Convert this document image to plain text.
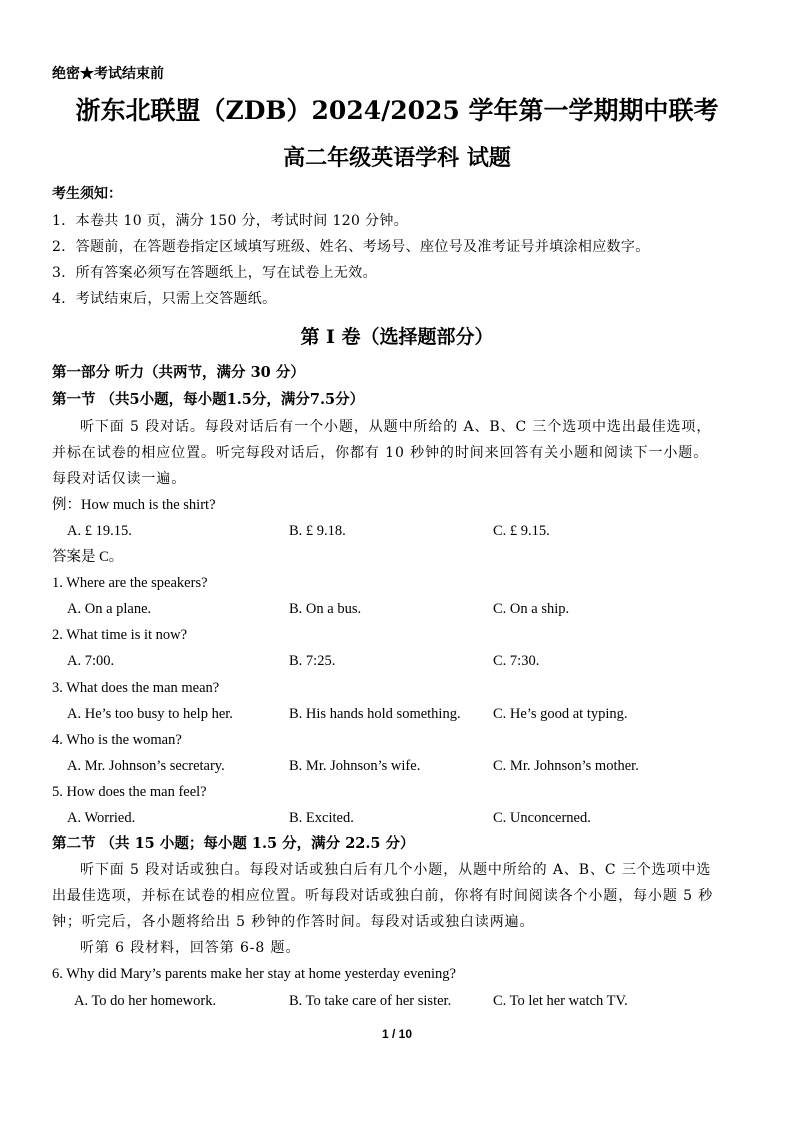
绝密★考试结束前
浙东北联盟（ZDB）2024/2025 学年第一学期期中联考
高二年级英语学科 试题
考生须知：
1．本卷共 10 页，满分 150 分，考试时间 120 分钟。
2．答题前，在答题卷指定区域填写班级、姓名、考场号、座位号及准考证号并填涂相应数字。
3．所有答案必须写在答题纸上，写在试卷上无效。
4．考试结束后，只需上交答题纸。
第 I 卷（选择题部分）
第一部分 听力（共两节，满分 30 分）
第一节 （共5小题，每小题1.5分，满分7.5分）
听下面 5 段对话。每段对话后有一个小题，从题中所给的 A、B、C 三个选项中选出最佳选项，
并标在试卷的相应位置。听完每段对话后，你都有 10 秒钟的时间来回答有关小题和阅读下一小题。
每段对话仅读一遍。
例：How much is the shirt?
A. £ 19.15.	B. £ 9.18.	C. £ 9.15.
答案是 C。
1. Where are the speakers?
A. On a plane.	B. On a bus.	C. On a ship.
2. What time is it now?
A. 7:00.	B. 7:25.	C. 7:30.
3. What does the man mean?
A. He’s too busy to help her.	B. His hands hold something. C. He’s good at typing.
4. Who is the woman?
A. Mr. Johnson’s secretary.	B. Mr. Johnson’s wife.	C. Mr. Johnson’s mother.
5. How does the man feel?
A. Worried.	B. Excited.	C. Unconcerned.
第二节 （共 15 小题；每小题 1.5 分，满分 22.5 分）
听下面 5 段对话或独白。每段对话或独白后有几个小题，从题中所给的 A、B、C 三个选项中选
出最佳选项，并标在试卷的相应位置。听每段对话或独白前，你将有时间阅读各个小题，每小题 5 秒
钟；听完后，各小题将给出 5 秒钟的作答时间。每段对话或独白读两遍。
听第 6 段材料，回答第 6-8 题。
6. Why did Mary’s parents make her stay at home yesterday evening?
A. To do her homework.	B. To take care of her sister.	C. To let her watch TV.
1 / 10
